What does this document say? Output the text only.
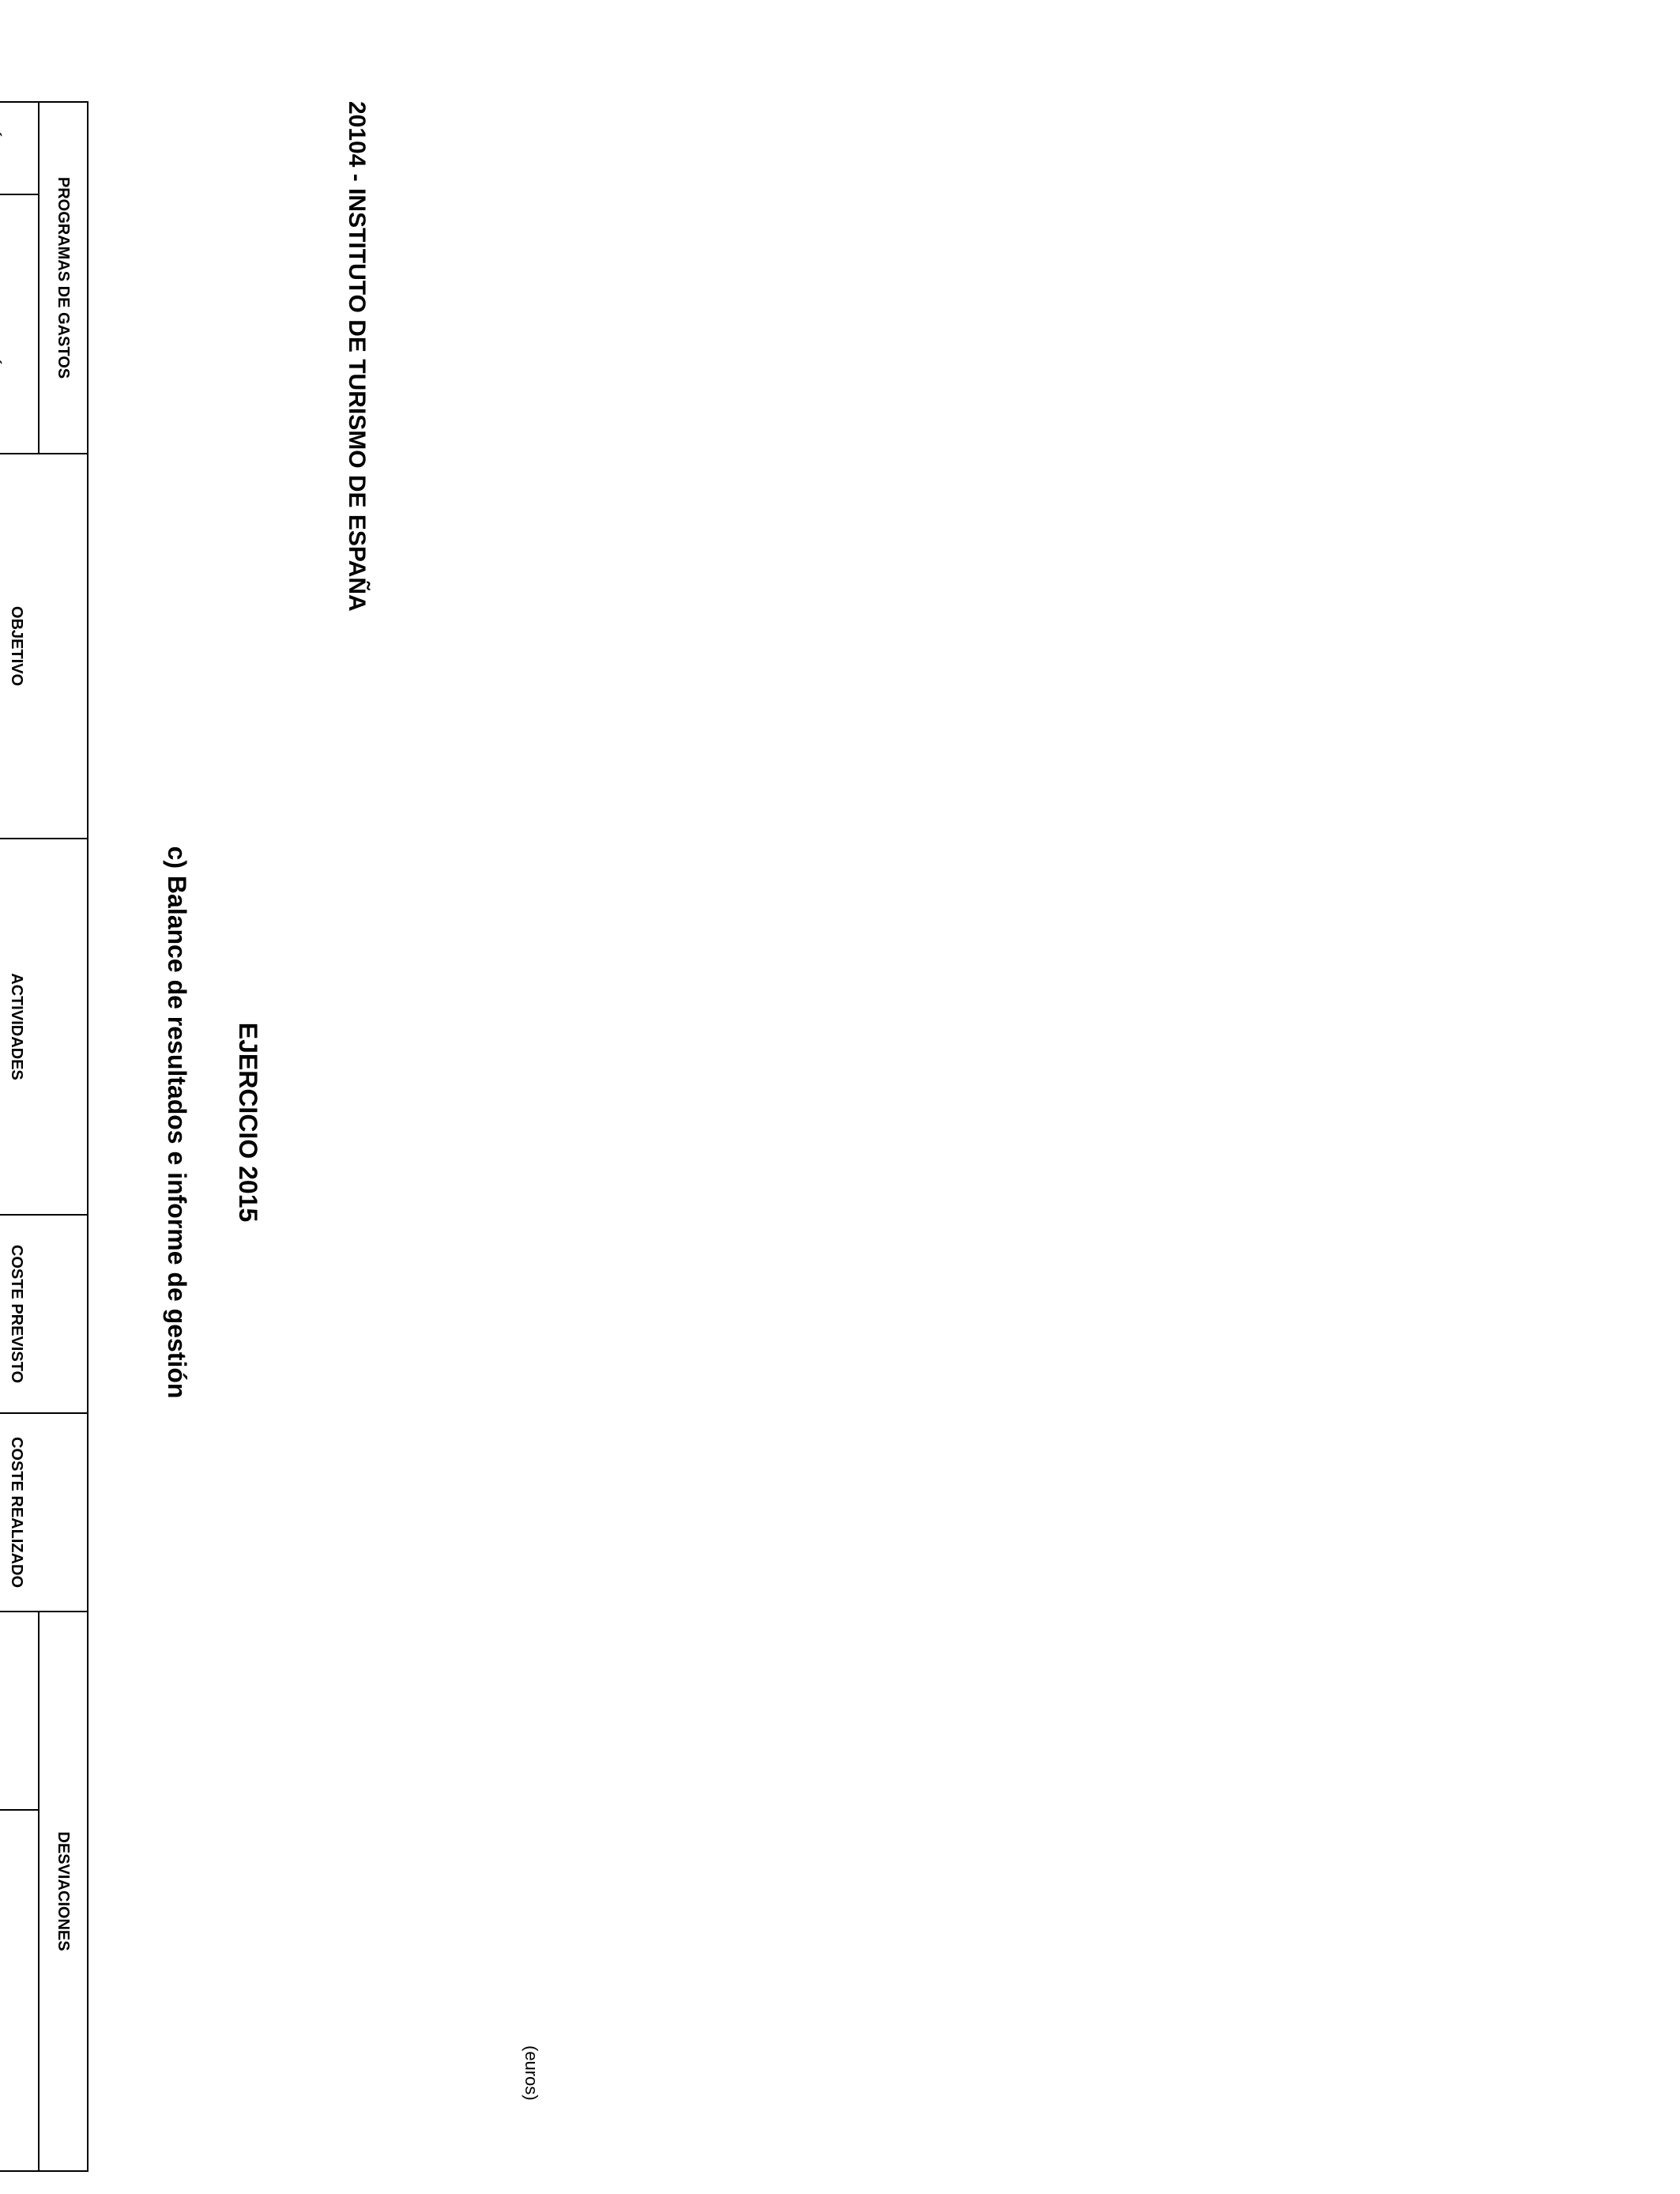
c) Balance de resultados e informe de gestión EJERCICIO 2015
20104 - INSTITUTO DE TURISMO DE ESPAÑA
(euros)
PROGRAMAS DE GASTOS		OBJETIVO	ACTIVIDADES	COSTE PREVISTO	COSTE REALIZADO	DESVIACIONES	
